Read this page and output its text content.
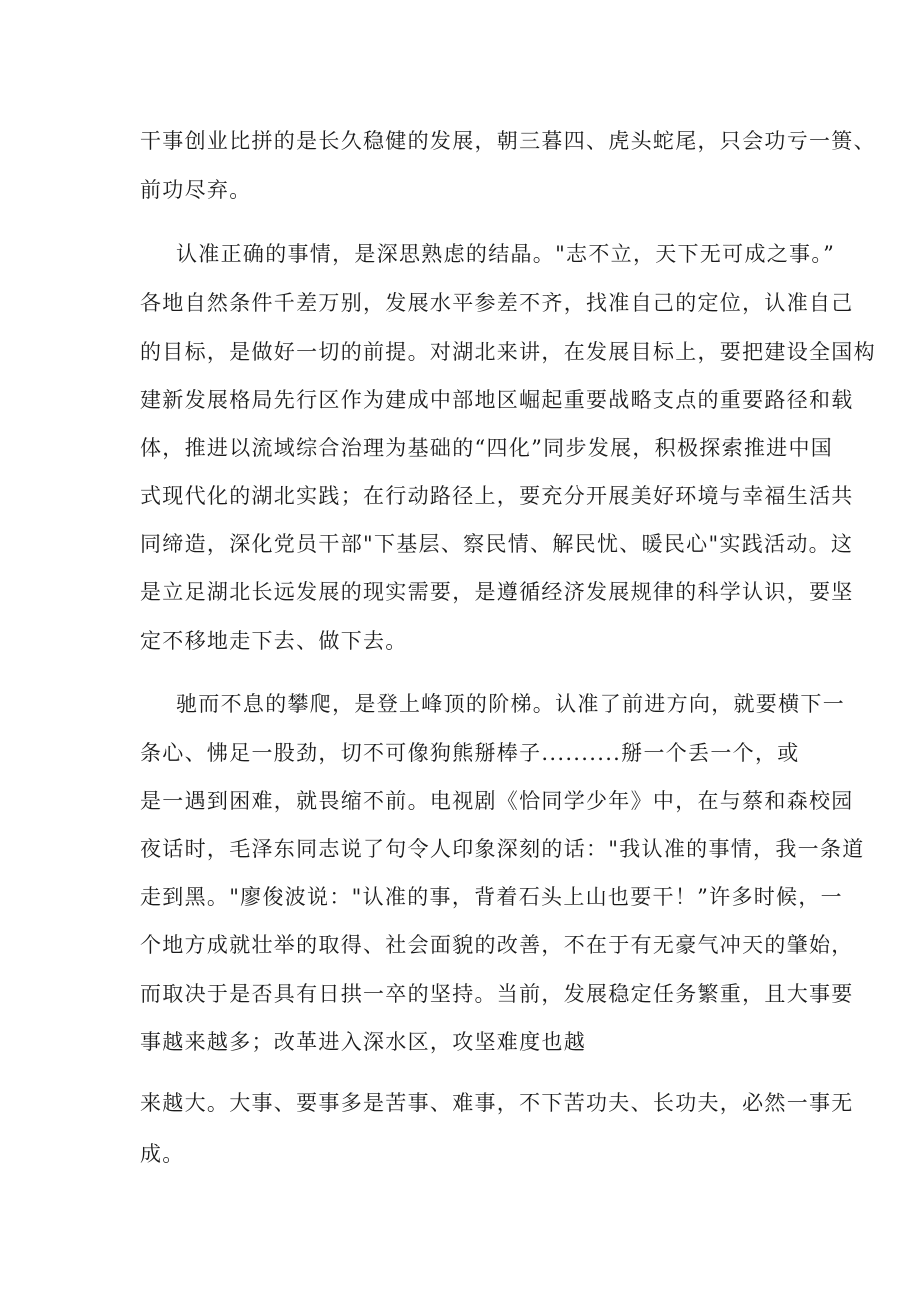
干事创业比拼的是长久稳健的发展，朝三暮四、虎头蛇尾，只会功亏一篑、
前功尽弃。
认准正确的事情，是深思熟虑的结晶。"志不立，天下无可成之事。”
各地自然条件千差万别，发展水平参差不齐，找准自己的定位，认准自己
的目标，是做好一切的前提。对湖北来讲，在发展目标上，要把建设全国构
建新发展格局先行区作为建成中部地区崛起重要战略支点的重要路径和载
体，推进以流域综合治理为基础的“四化”同步发展，积极探索推进中国
式现代化的湖北实践；在行动路径上，要充分开展美好环境与幸福生活共
同缔造，深化党员干部"下基层、察民情、解民忧、暖民心"实践活动。这
是立足湖北长远发展的现实需要，是遵循经济发展规律的科学认识，要坚
定不移地走下去、做下去。
驰而不息的攀爬，是登上峰顶的阶梯。认准了前进方向，就要横下一
条心、怫足一股劲，切不可像狗熊掰棒子..........掰一个丢一个，或
是一遇到困难，就畏缩不前。电视剧《恰同学少年》中，在与蔡和森校园
夜话时，毛泽东同志说了句令人印象深刻的话："我认准的事情，我一条道
走到黑。"廖俊波说："认准的事，背着石头上山也要干！”许多时候，一
个地方成就壮举的取得、社会面貌的改善，不在于有无豪气冲天的肇始，
而取决于是否具有日拱一卒的坚持。当前，发展稳定任务繁重，且大事要
事越来越多；改革进入深水区，攻坚难度也越
来越大。大事、要事多是苦事、难事，不下苦功夫、长功夫，必然一事无
成。
